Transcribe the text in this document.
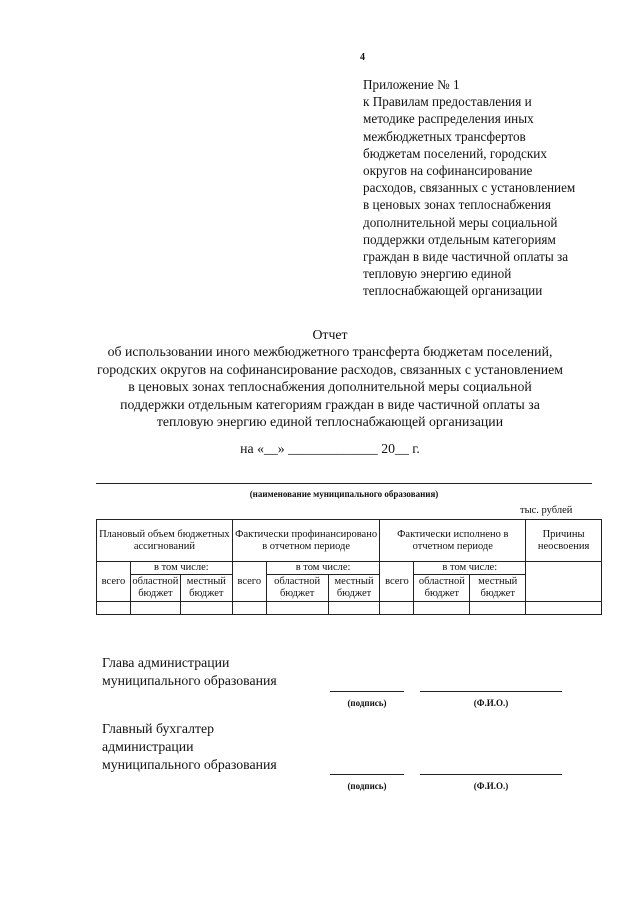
4
Приложение № 1
к Правилам предоставления и
методике распределения иных
межбюджетных трансфертов
бюджетам поселений, городских
округов на софинансирование
расходов, связанных с установлением
в ценовых зонах теплоснабжения
дополнительной меры социальной
поддержки отдельным категориям
граждан в виде частичной оплаты за
тепловую энергию единой
теплоснабжающей организации
Отчет
об использовании иного межбюджетного трансферта бюджетам поселений,
городских округов на софинансирование расходов, связанных с установлением
в ценовых зонах теплоснабжения дополнительной меры социальной
поддержки отдельным категориям граждан в виде частичной оплаты за
тепловую энергию единой теплоснабжающей организации
на «__» _____________ 20__ г.
(наименование муниципального образования)
тыс. рублей
Плановый объем бюджетных ассигнований			Фактически профинансировано в отчетном периоде			Фактически исполнено в отчетном периоде			Причины неосвоения
всего	в том числе:		всего	в том числе:		всего	в том числе:		
	областной бюджет	местный бюджет		областной бюджет	местный бюджет		областной бюджет	местный бюджет	

Глава администрации
муниципального образования
(подпись)	(Ф.И.О.)
Главный бухгалтер
администрации
муниципального образования
(подпись)	(Ф.И.О.)
